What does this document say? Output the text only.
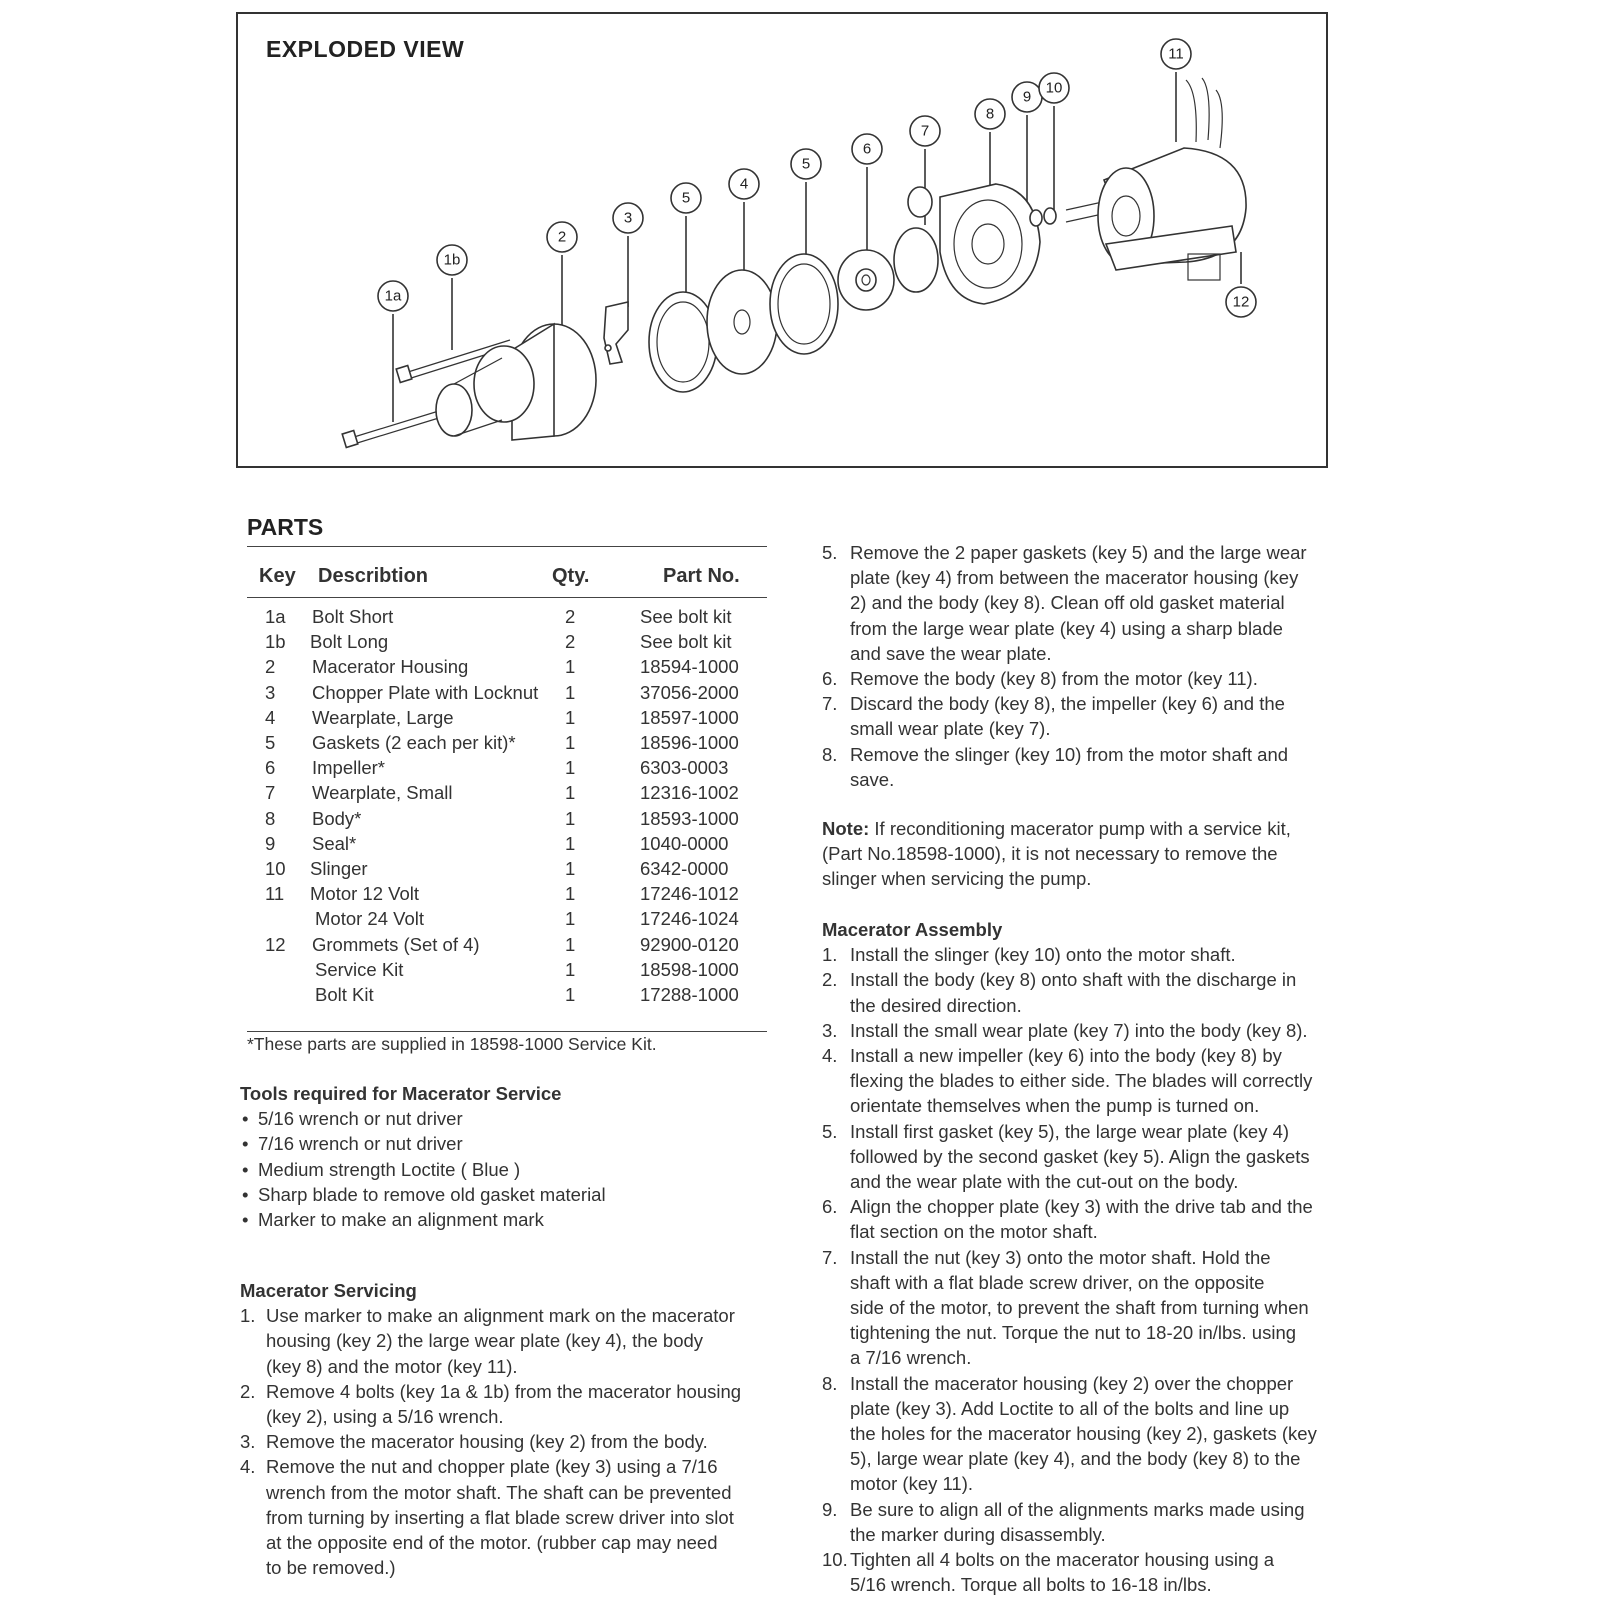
EXPLODED VIEW
1a
1b
2
3
5
4
5
6
7
8
9
10
11
12
PARTS
Key Describtion	Qty.	Part No.
1a Bolt Short	2	See bolt kit
1b Bolt Long	2	See bolt kit
2 Macerator Housing	1	18594-1000
3 Chopper Plate with Locknut 1	37056-2000
4 Wearplate, Large	1	18597-1000
5 Gaskets (2 each per kit)*	1	18596-1000
6 Impeller*	1	6303-0003
7 Wearplate, Small	1	12316-1002
8 Body*	1	18593-1000
9 Seal*	1	1040-0000
10 Slinger	1	6342-0000
11 Motor 12 Volt	1	17246-1012
Motor 24 Volt	1	17246-1024
12 Grommets (Set of 4)	1	92900-0120
Service Kit	1	18598-1000
Bolt Kit	1	17288-1000
*These parts are supplied in 18598-1000 Service Kit.

Tools required for Macerator Service

• 5/16 wrench or nut driver
• 7/16 wrench or nut driver
• Medium strength Loctite ( Blue )
• Sharp blade to remove old gasket material
• Marker to make an alignment mark

Macerator Servicing

1. Use marker to make an alignment mark on the macerator
housing (key 2) the large wear plate (key 4), the body
(key 8) and the motor (key 11).
2. Remove 4 bolts (key 1a & 1b) from the macerator housing
(key 2), using a 5/16 wrench.
3. Remove the macerator housing (key 2) from the body.
4. Remove the nut and chopper plate (key 3) using a 7/16
wrench from the motor shaft. The shaft can be prevented
from turning by inserting a flat blade screw driver into slot
at the opposite end of the motor. (rubber cap may need
to be removed.)
5. Remove the 2 paper gaskets (key 5) and the large wear
plate (key 4) from between the macerator housing (key
2) and the body (key 8). Clean off old gasket material
from the large wear plate (key 4) using a sharp blade
and save the wear plate.
6. Remove the body (key 8) from the motor (key 11).
7. Discard the body (key 8), the impeller (key 6) and the
small wear plate (key 7).
8. Remove the slinger (key 10) from the motor shaft and
save.

Note: If reconditioning macerator pump with a service kit,
(Part No.18598-1000), it is not necessary to remove the
slinger when servicing the pump.

Macerator Assembly

1. Install the slinger (key 10) onto the motor shaft.
2. Install the body (key 8) onto shaft with the discharge in
the desired direction.
3. Install the small wear plate (key 7) into the body (key 8).
4. Install a new impeller (key 6) into the body (key 8) by
flexing the blades to either side. The blades will correctly
orientate themselves when the pump is turned on.
5. Install first gasket (key 5), the large wear plate (key 4)
followed by the second gasket (key 5). Align the gaskets
and the wear plate with the cut-out on the body.
6. Align the chopper plate (key 3) with the drive tab and the
flat section on the motor shaft.
7. Install the nut (key 3) onto the motor shaft. Hold the
shaft with a flat blade screw driver, on the opposite
side of the motor, to prevent the shaft from turning when
tightening the nut. Torque the nut to 18-20 in/lbs. using
a 7/16 wrench.
8. Install the macerator housing (key 2) over the chopper
plate (key 3). Add Loctite to all of the bolts and line up
the holes for the macerator housing (key 2), gaskets (key
5), large wear plate (key 4), and the body (key 8) to the
motor (key 11).
9. Be sure to align all of the alignments marks made using
the marker during disassembly.
10. Tighten all 4 bolts on the macerator housing using a
5/16 wrench. Torque all bolts to 16-18 in/lbs.
